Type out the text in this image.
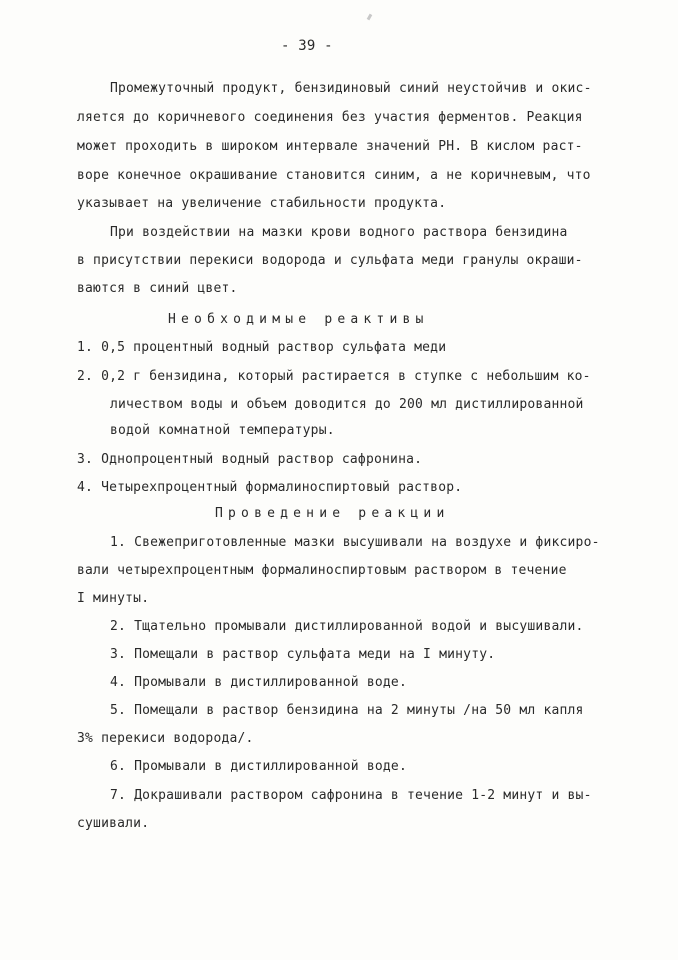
- 39 -
Промежуточный продукт, бензидиновый синий неустойчив и окис-
ляется до коричневого соединения без участия ферментов. Реакция
может проходить в широком интервале значений РН. В кислом раст-
воре конечное окрашивание становится синим, а не коричневым, что
указывает на увеличение стабильности продукта.
При воздействии на мазки крови водного раствора бензидина
в присутствии перекиси водорода и сульфата меди гранулы окраши-
ваются в синий цвет.
Необходимые реактивы
1. 0,5 процентный водный раствор сульфата меди
2. 0,2 г бензидина, который растирается в ступке с небольшим ко-
личеством воды и объем доводится до 200 мл дистиллированной
водой комнатной температуры.
3. Однопроцентный водный раствор сафронина.
4. Четырехпроцентный формалиноспиртовый раствор.
Проведение реакции
1. Свежеприготовленные мазки высушивали на воздухе и фиксиро-
вали четырехпроцентным формалиноспиртовым раствором в течение
I минуты.
2. Тщательно промывали дистиллированной водой и высушивали.
3. Помещали в раствор сульфата меди на I минуту.
4. Промывали в дистиллированной воде.
5. Помещали в раствор бензидина на 2 минуты /на 50 мл капля
3% перекиси водорода/.
6. Промывали в дистиллированной воде.
7. Докрашивали раствором сафронина в течение 1-2 минут и вы-
сушивали.
